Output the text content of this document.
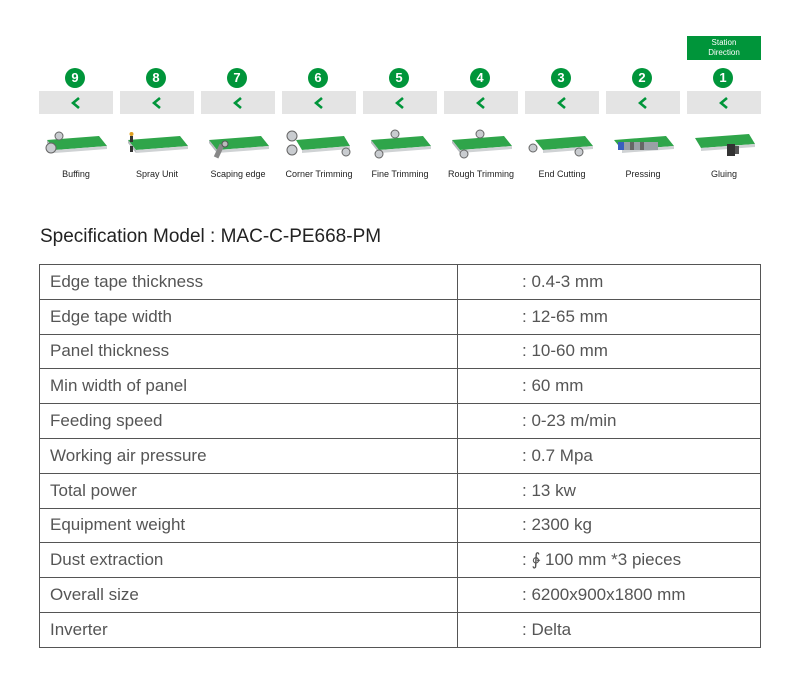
Station
Direction
9
Buffing
8
Spray Unit
7
Scaping edge
6
Corner Trimming
5
Fine Trimming
4
Rough Trimming
3
End Cutting
2
Pressing
1
Gluing
Specification Model : MAC-C-PE668-PM
Edge tape thickness	: 0.4-3 mm
Edge tape width	: 12-65 mm
Panel thickness	: 10-60 mm
Min width of panel	: 60 mm
Feeding speed	: 0-23 m/min
Working air pressure	: 0.7 Mpa
Total power	: 13 kw
Equipment weight	: 2300 kg
Dust extraction	: ∲ 100 mm *3 pieces
Overall size	: 6200x900x1800 mm
Inverter	: Delta
